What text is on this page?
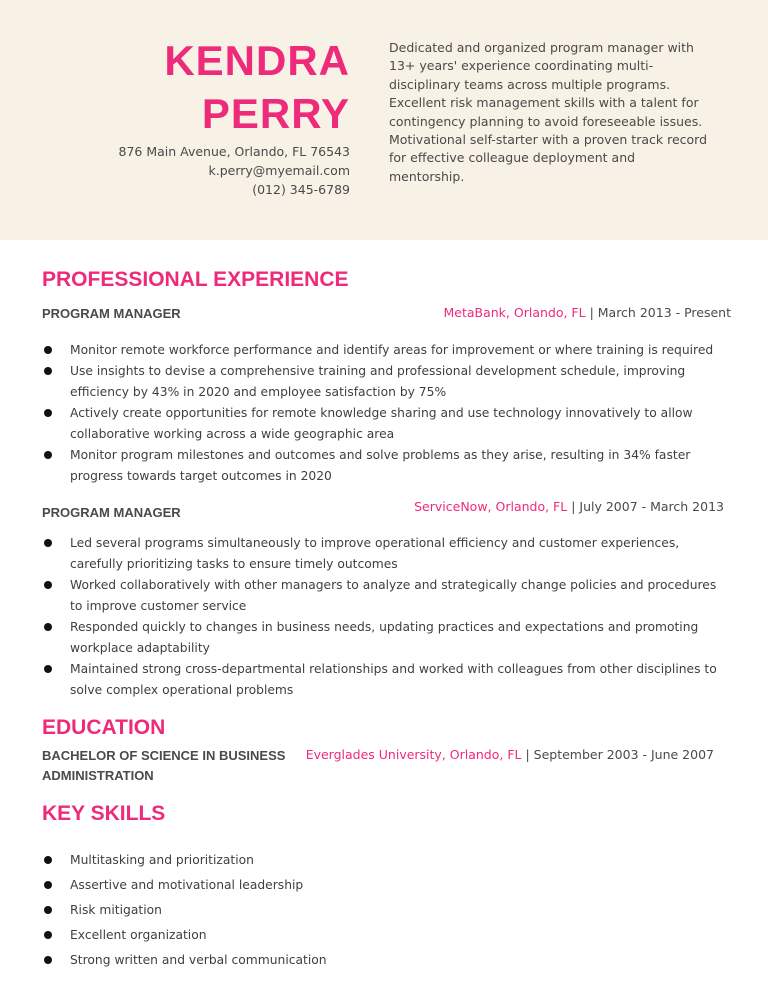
KENDRA
PERRY
876 Main Avenue, Orlando, FL 76543
k.perry@myemail.com
(012) 345-6789
Dedicated and organized program manager with 13+ years' experience coordinating multi-disciplinary teams across multiple programs. Excellent risk management skills with a talent for contingency planning to avoid foreseeable issues. Motivational self-starter with a proven track record for effective colleague deployment and mentorship.
PROFESSIONAL EXPERIENCE
PROGRAM MANAGER	MetaBank, Orlando, FL | March 2013 - Present
Monitor remote workforce performance and identify areas for improvement or where training is required
Use insights to devise a comprehensive training and professional development schedule, improving efficiency by 43% in 2020 and employee satisfaction by 75%
Actively create opportunities for remote knowledge sharing and use technology innovatively to allow collaborative working across a wide geographic area
Monitor program milestones and outcomes and solve problems as they arise, resulting in 34% faster progress towards target outcomes in 2020
PROGRAM MANAGER	ServiceNow, Orlando, FL | July 2007 - March 2013
Led several programs simultaneously to improve operational efficiency and customer experiences, carefully prioritizing tasks to ensure timely outcomes
Worked collaboratively with other managers to analyze and strategically change policies and procedures to improve customer service
Responded quickly to changes in business needs, updating practices and expectations and promoting workplace adaptability
Maintained strong cross-departmental relationships and worked with colleagues from other disciplines to solve complex operational problems
EDUCATION
BACHELOR OF SCIENCE IN BUSINESS ADMINISTRATION
Everglades University, Orlando, FL | September 2003 - June 2007
KEY SKILLS
Multitasking and prioritization
Assertive and motivational leadership
Risk mitigation
Excellent organization
Strong written and verbal communication
